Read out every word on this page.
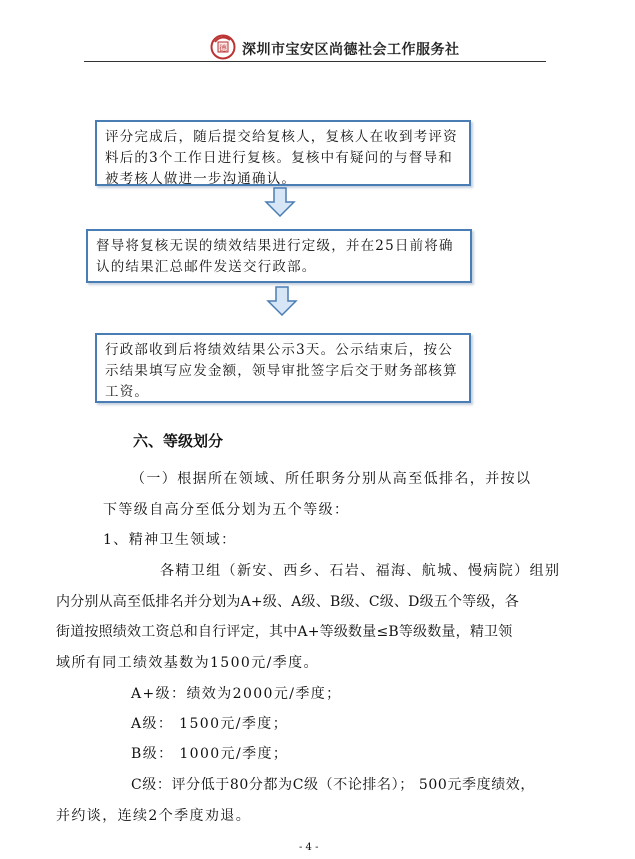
德 深圳市宝安区尚德社会工作服务社
评分完成后，随后提交给复核人，复核人在收到考评资
料后的3个工作日进行复核。复核中有疑问的与督导和
被考核人做进一步沟通确认。
督导将复核无误的绩效结果进行定级，并在25日前将确
认的结果汇总邮件发送交行政部。
行政部收到后将绩效结果公示3天。公示结束后，按公
示结果填写应发金额，领导审批签字后交于财务部核算
工资。
六、等级划分
（一）根据所在领域、所任职务分别从高至低排名，并按以
下等级自高分至低分划为五个等级：
1、精神卫生领域：
各精卫组（新安、西乡、石岩、福海、航城、慢病院）组别
内分别从高至低排名并分划为A+级、A级、B级、C级、D级五个等级，各
街道按照绩效工资总和自行评定，其中A+等级数量≤B等级数量，精卫领
域所有同工绩效基数为1500元/季度。
A+级：绩效为2000元/季度；
A级： 1500元/季度；
B级： 1000元/季度；
C级：评分低于80分都为C级（不论排名）； 500元季度绩效，
并约谈，连续2个季度劝退。
- 4 -
